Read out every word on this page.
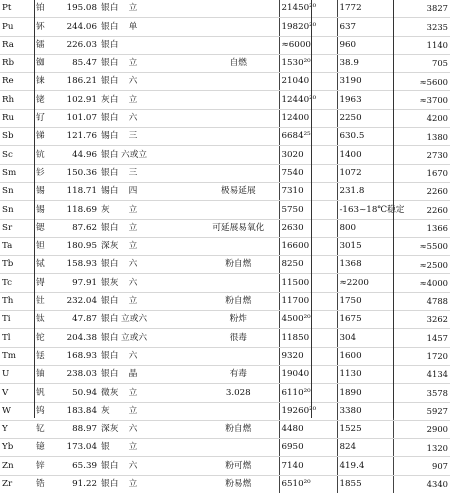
Pt	铂	195.08	银白	立			21450²⁰	1772	3827
Pu	钚	244.06	银白	单			19820²⁰	637	3235
Ra	镭	226.03	银白				≈6000	960	1140
Rb	铷	85.47	银白	立		自燃	1530²⁰	38.9	705
Re	铼	186.21	银白	六			21040	3190	≈5600
Rh	铑	102.91	灰白	立			12440²⁰	1963	≈3700
Ru	钌	101.07	银白	六			12400	2250	4200
Sb	锑	121.76	锡白	三			6684²⁵	630.5	1380
Sc	钪	44.96	银白	六或立			3020	1400	2730
Sm	钐	150.36	银白	三			7540	1072	1670
Sn	锡	118.71	锡白	四		极易延展	7310	231.8	2260
Sn	锡	118.69	灰	立			5750	-163~18℃稳定	2260
Sr	锶	87.62	银白	立		可延展易氧化	2630	800	1366
Ta	钽	180.95	深灰	立			16600	3015	≈5500
Tb	铽	158.93	银白	六		粉自燃	8250	1368	≈2500
Tc	锝	97.91	银灰	六			11500	≈2200	≈4000
Th	钍	232.04	银白	立		粉自燃	11700	1750	4788
Ti	钛	47.87	银白	立或六		粉炸	4500²⁰	1675	3262
Tl	铊	204.38	银白	立或六		很毒	11850	304	1457
Tm	铥	168.93	银白	六			9320	1600	1720
U	铀	238.03	银白	晶		有毒	19040	1130	4134
V	钒	50.94	微灰	立		3.028	6110²⁰	1890	3578
W	钨	183.84	灰	立			19260²⁰	3380	5927
Y	钇	88.97	深灰	六		粉自燃	4480	1525	2900
Yb	镱	173.04	银	立			6950	824	1320
Zn	锌	65.39	银白	六		粉可燃	7140	419.4	907
Zr	锆	91.22	银白	立		粉易燃	6510²⁰	1855	4340
